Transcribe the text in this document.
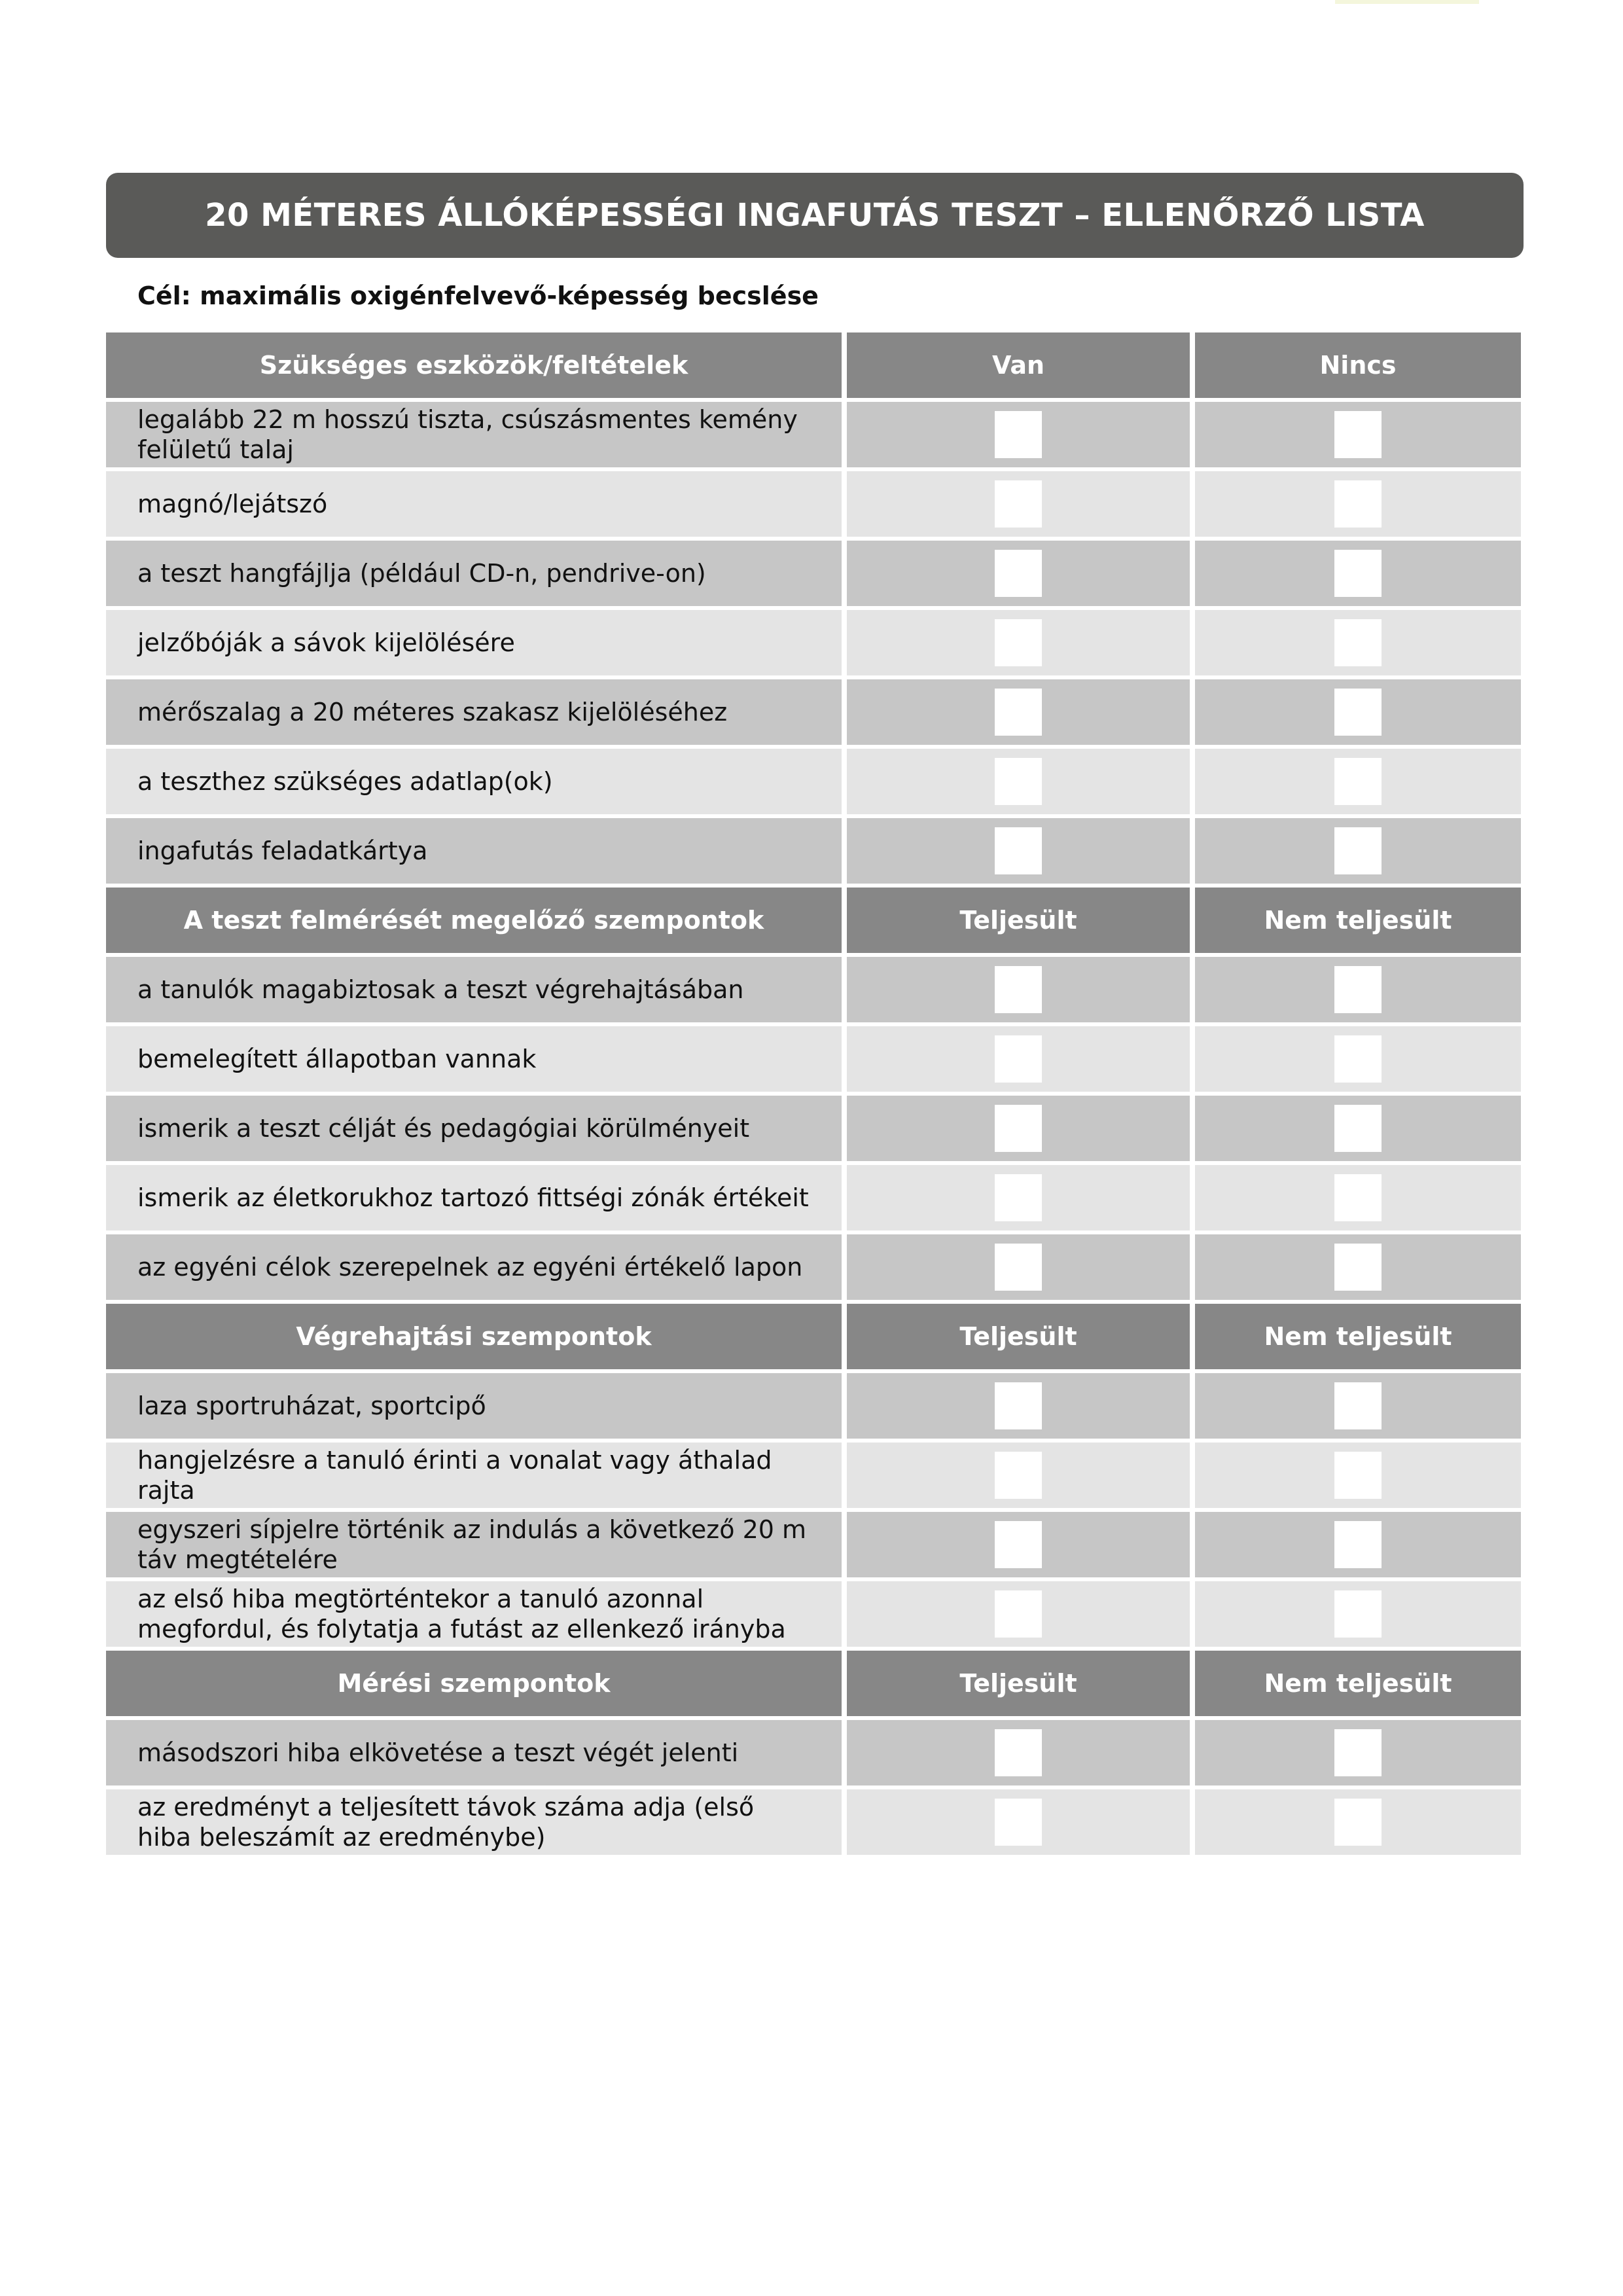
20 MÉTERES ÁLLÓKÉPESSÉGI INGAFUTÁS TESZT – ELLENŐRZŐ LISTA
Cél: maximális oxigénfelvevő-képesség becslése
Szükséges eszközök/feltételek	Van	Nincs
legalább 22 m hosszú tiszta, csúszásmentes kemény felületű talaj
magnó/lejátszó
a teszt hangfájlja (például CD-n, pendrive-on)
jelzőbóják a sávok kijelölésére
mérőszalag a 20 méteres szakasz kijelöléséhez
a teszthez szükséges adatlap(ok)
ingafutás feladatkártya
A teszt felmérését megelőző szempontok	Teljesült	Nem teljesült
a tanulók magabiztosak a teszt végrehajtásában
bemelegített állapotban vannak
ismerik a teszt célját és pedagógiai körülményeit
ismerik az életkorukhoz tartozó fittségi zónák értékeit
az egyéni célok szerepelnek az egyéni értékelő lapon
Végrehajtási szempontok	Teljesült	Nem teljesült
laza sportruházat, sportcipő
hangjelzésre a tanuló érinti a vonalat vagy áthalad rajta
egyszeri sípjelre történik az indulás a következő 20 m táv megtételére
az első hiba megtörténtekor a tanuló azonnal megfordul, és folytatja a futást az ellenkező irányba
Mérési szempontok	Teljesült	Nem teljesült
másodszori hiba elkövetése a teszt végét jelenti
az eredményt a teljesített távok száma adja (első hiba beleszámít az eredménybe)
